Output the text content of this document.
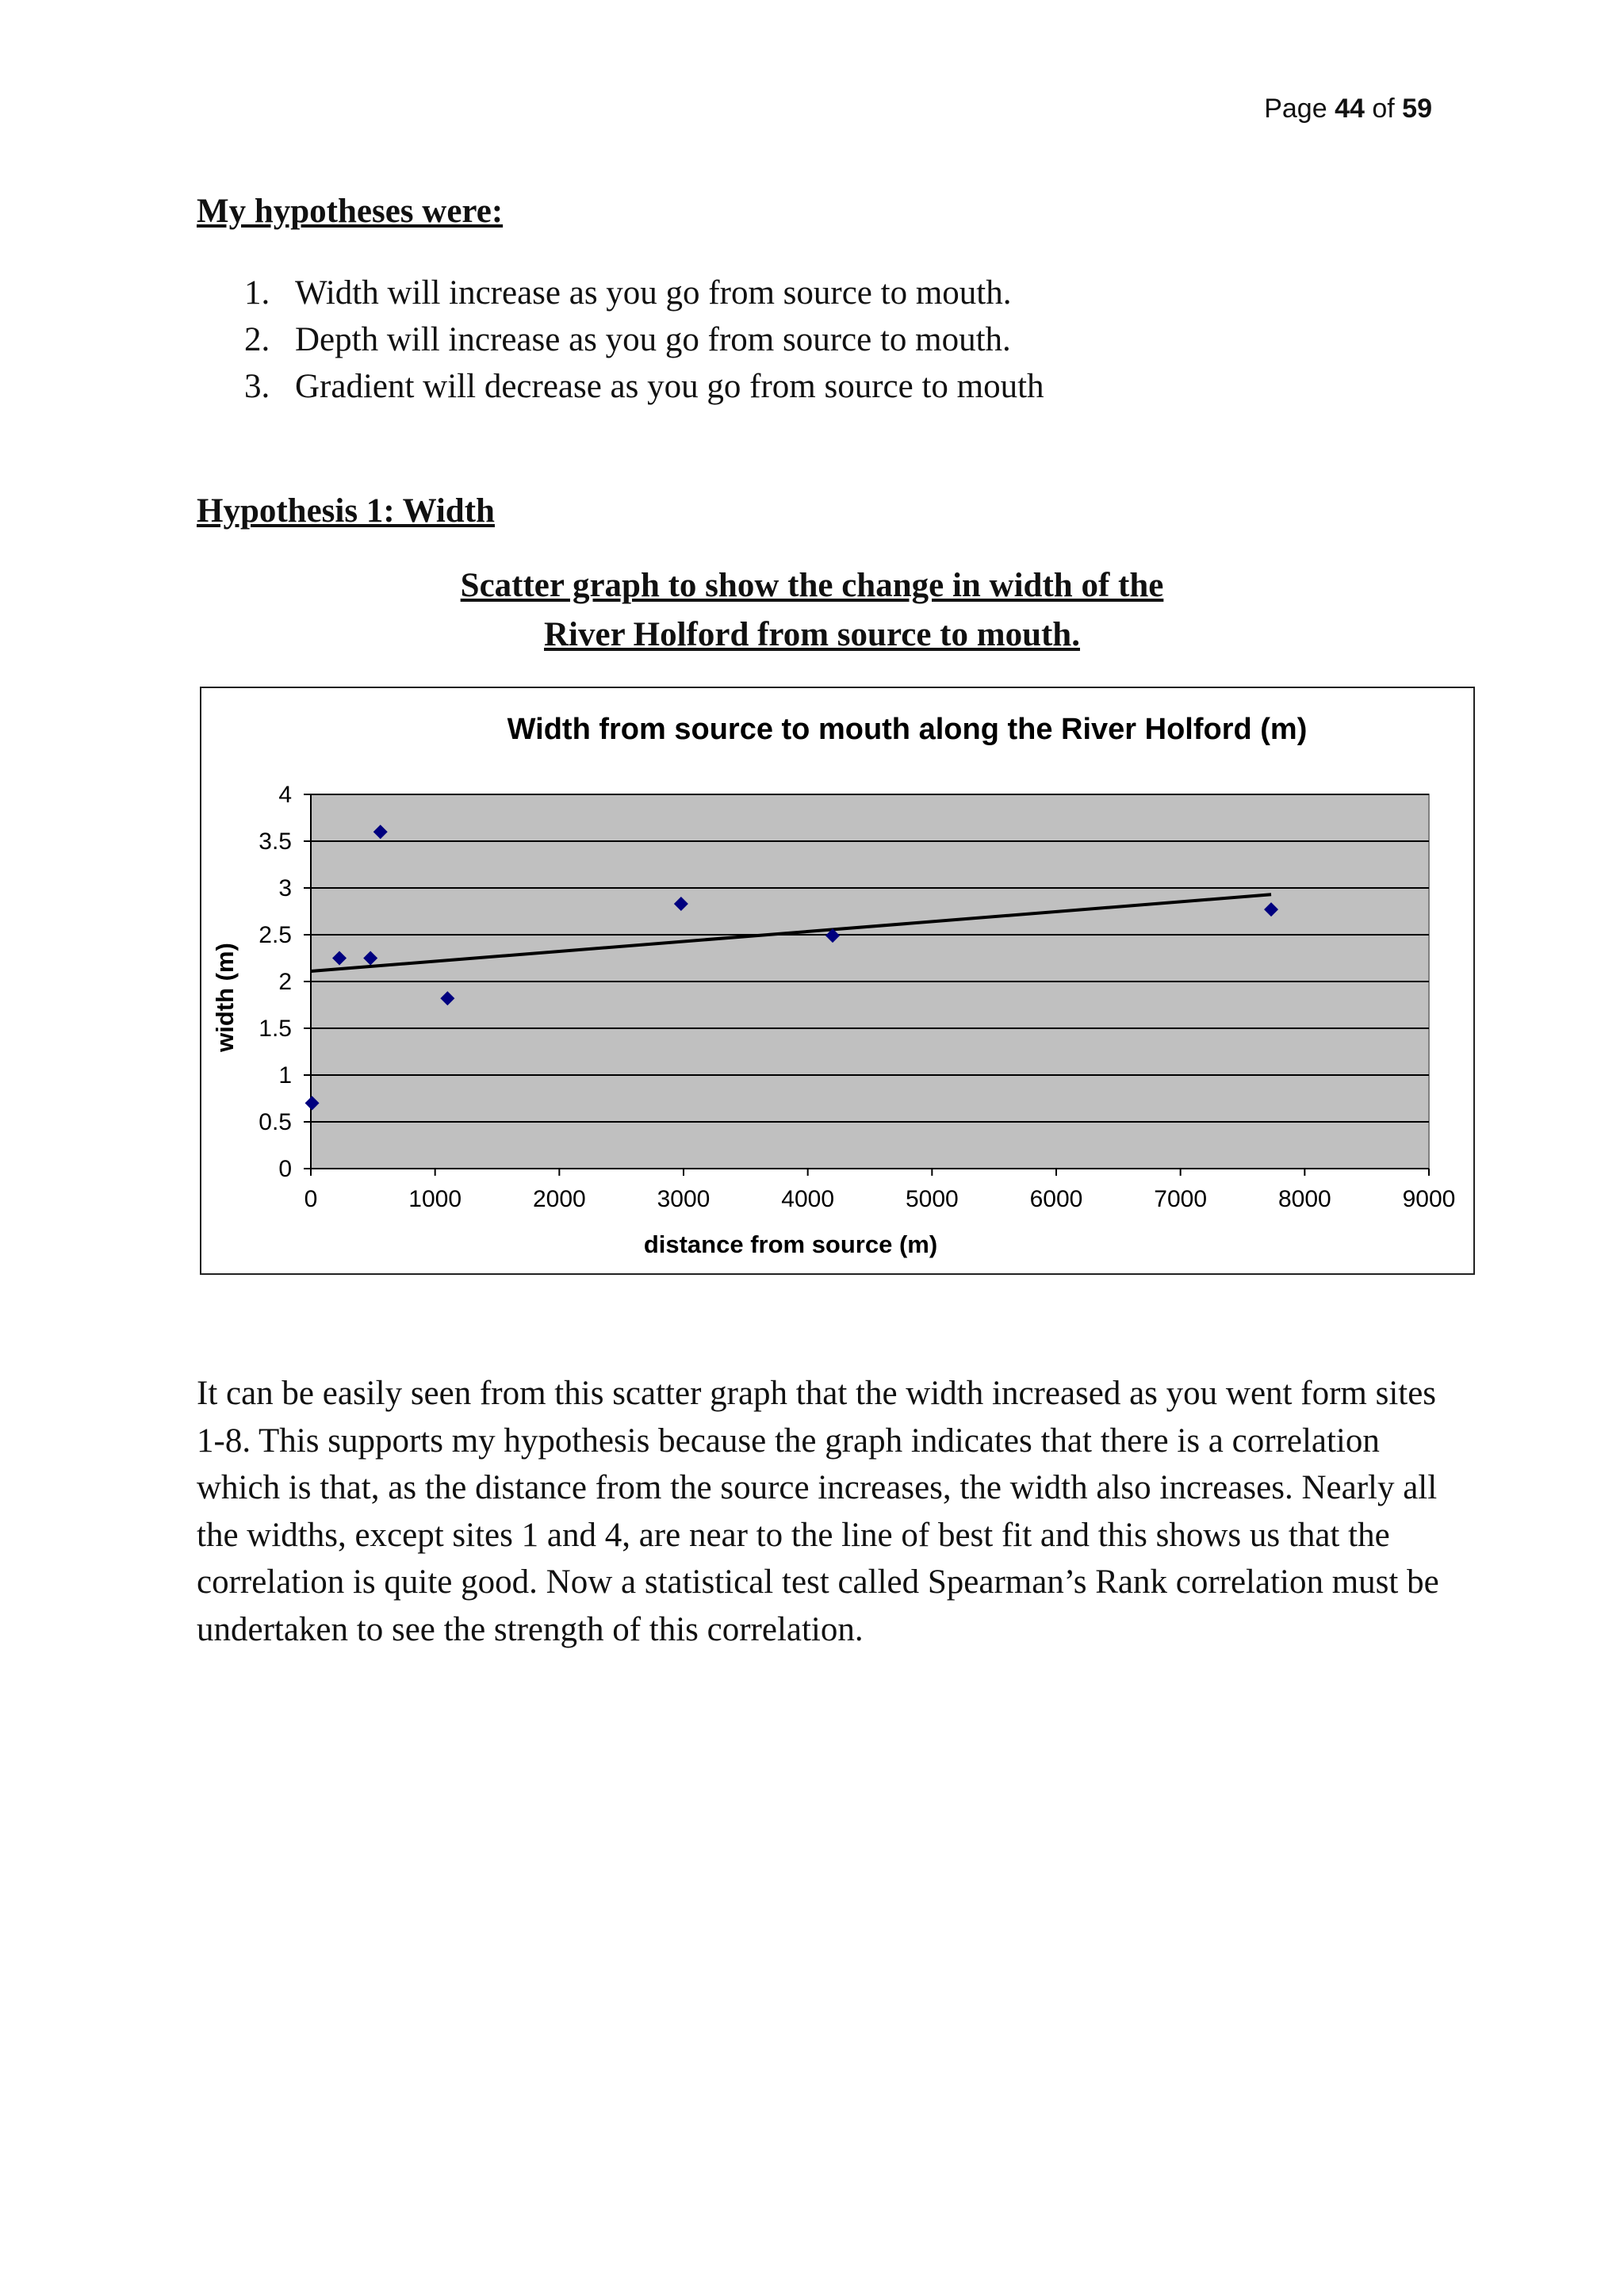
Page 44 of 59
My hypotheses were:
1. Width will increase as you go from source to mouth.
2. Depth will increase as you go from source to mouth.
3. Gradient will decrease as you go from source to mouth
Hypothesis 1: Width
Scatter graph to show the change in width of the
River Holford from source to mouth.
0
0.5
1
1.5
2
2.5
3
3.5
4
0	1000	2000	3000	4000	5000	6000	7000	8000	9000
Width from source to mouth along the River Holford (m)
distance from source (m)
width (m)

It can be easily seen from this scatter graph that the width increased as you went form sites 1-8. This supports my hypothesis because the graph indicates that there is a correlation which is that, as the distance from the source increases, the width also increases. Nearly all the widths, except sites 1 and 4, are near to the line of best fit and this shows us that the correlation is quite good. Now a statistical test called Spearman’s Rank correlation must be undertaken to see the strength of this correlation.
